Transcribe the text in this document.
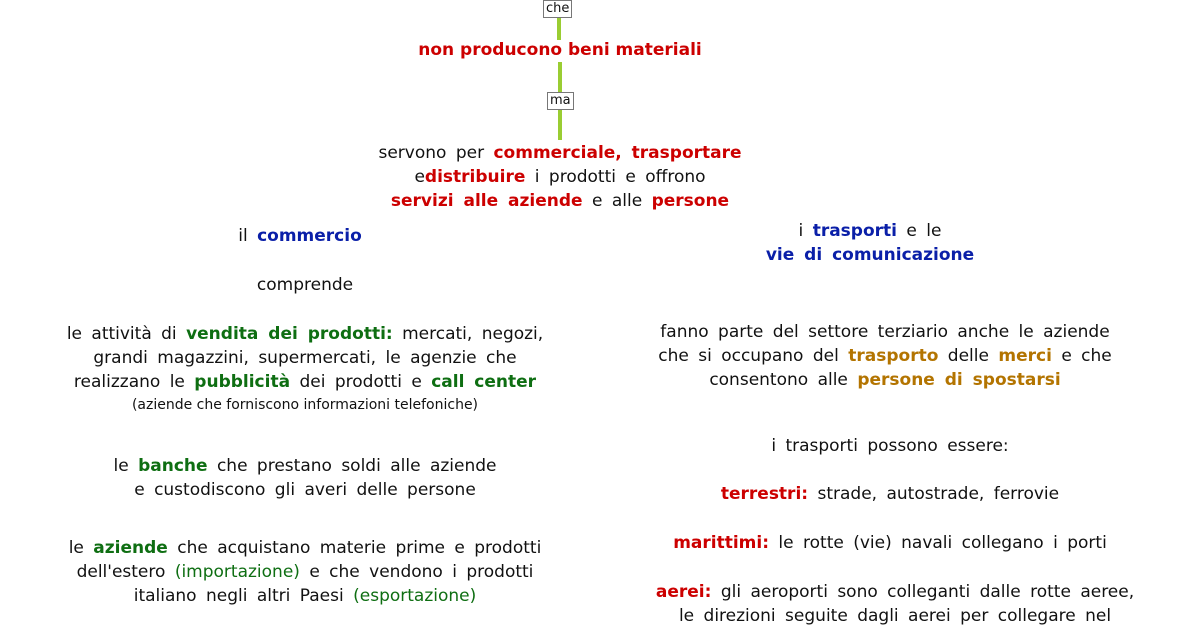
che
ma
non producono beni materiali
servono per commerciale, trasportare
edistribuire i prodotti e offrono
servizi alle aziende e alle persone
il commercio
comprende
le attività di vendita dei prodotti: mercati, negozi,
grandi magazzini, supermercati, le agenzie che
realizzano le pubblicità dei prodotti e call center
(aziende che forniscono informazioni telefoniche)
le banche che prestano soldi alle aziende
e custodiscono gli averi delle persone
le aziende che acquistano materie prime e prodotti
dell'estero (importazione) e che vendono i prodotti
italiano negli altri Paesi (esportazione)
i trasporti e le
vie di comunicazione
fanno parte del settore terziario anche le aziende
che si occupano del trasporto delle merci e che
consentono alle persone di spostarsi
i trasporti possono essere:
terrestri: strade, autostrade, ferrovie
marittimi: le rotte (vie) navali collegano i porti
aerei: gli aeroporti sono colleganti dalle rotte aeree,
le direzioni seguite dagli aerei per collegare nel
